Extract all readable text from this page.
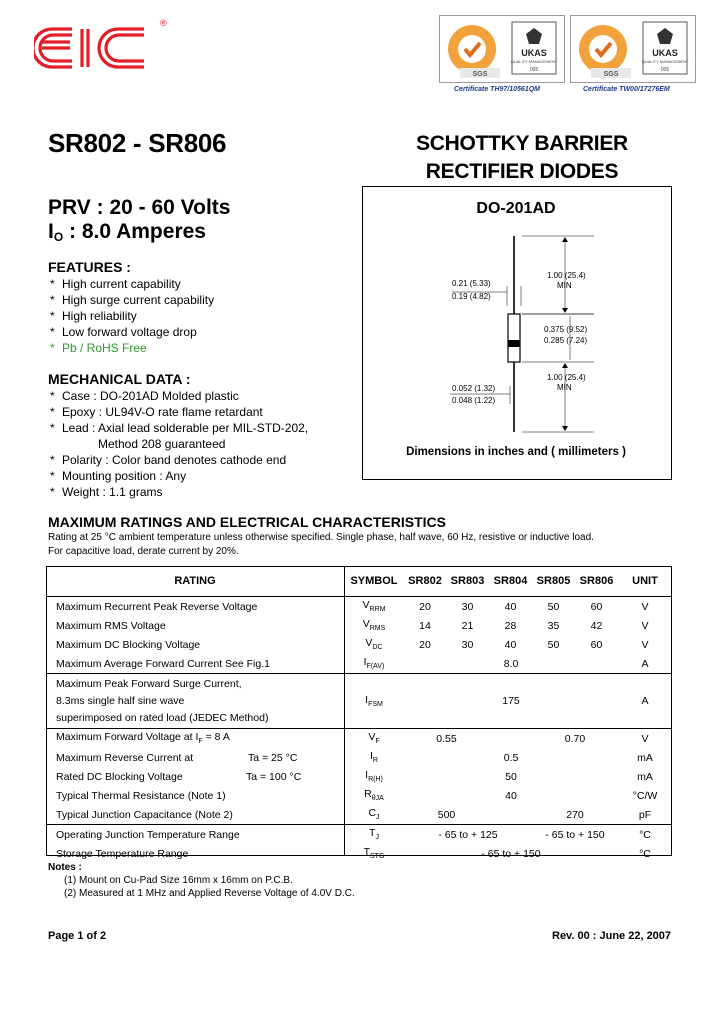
®
UKAS
QUALITY MANAGEMENT
005
SGS
UKAS
QUALITY MANAGEMENT
005
SGS
Certificate TH97/10561QM	Certificate TW00/17276EM
SR802 - SR806	SCHOTTKY BARRIER
RECTIFIER DIODES
PRV : 20 - 60 Volts
$I_O$ : 8.0 Amperes
FEATURES :
* High current capability
* High surge current capability
* High reliability
* Low forward voltage drop
* Pb / RoHS Free
MECHANICAL DATA :
* Case : DO-201AD Molded plastic
* Epoxy : UL94V-O rate flame retardant
* Lead : Axial lead solderable per MIL-STD-202,
Method 208 guaranteed
* Polarity : Color band denotes cathode end
* Mounting position : Any
* Weight : 1.1 grams
DO-201AD
1.00 (25.4)
MIN
0.21 (5.33)
0.19 (4.82)
0.375 (9.52)
0.285 (7.24)
1.00 (25.4)
MIN
0.052 (1.32)
0.048 (1.22)
Dimensions in inches and ( millimeters )
MAXIMUM RATINGS AND ELECTRICAL CHARACTERISTICS
Rating at 25 °C ambient temperature unless otherwise specified. Single phase, half wave, 60 Hz, resistive or inductive load.
For capacitive load, derate current by 20%.
RATING	SYMBOL	SR802	SR803	SR804	SR805	SR806	UNIT
Maximum Recurrent Peak Reverse Voltage	$V_{RRM}$	20	30	40	50	60	V
Maximum RMS Voltage	$V_{RMS}$	14	21	28	35	42	V
Maximum DC Blocking Voltage	$V_{DC}$	20	30	40	50	60	V
Maximum Average Forward Current See Fig.1	$I_{F(AV)}$	8.0					A

Maximum Peak Forward Surge Current,
8.3ms single half sine wave
superimposed on rated load (JEDEC Method)	$I_{FSM}$	175					A
Maximum Forward Voltage at $I_F = 8$ A	$V_F$	0.55			0.70		V
Maximum Reverse Current at Ta = 25 °C	$I_R$	0.5					mA
Rated DC Blocking Voltage Ta = 100 °C	$I_{R(H)}$	50					mA
Typical Thermal Resistance (Note 1)	$R_{\theta JA}$	40					°C/W
Typical Junction Capacitance (Note 2)	$C_J$	500			270		pF
Operating Junction Temperature Range	$T_J$	- 65 to + 125			- 65 to + 150		°C
Storage Temperature Range	$T_{STG}$	- 65 to + 150					°C
Notes :
(1) Mount on Cu-Pad Size 16mm x 16mm on P.C.B.
(2) Measured at 1 MHz and Applied Reverse Voltage of 4.0V D.C.
Page 1 of 2	Rev. 00 : June 22, 2007
